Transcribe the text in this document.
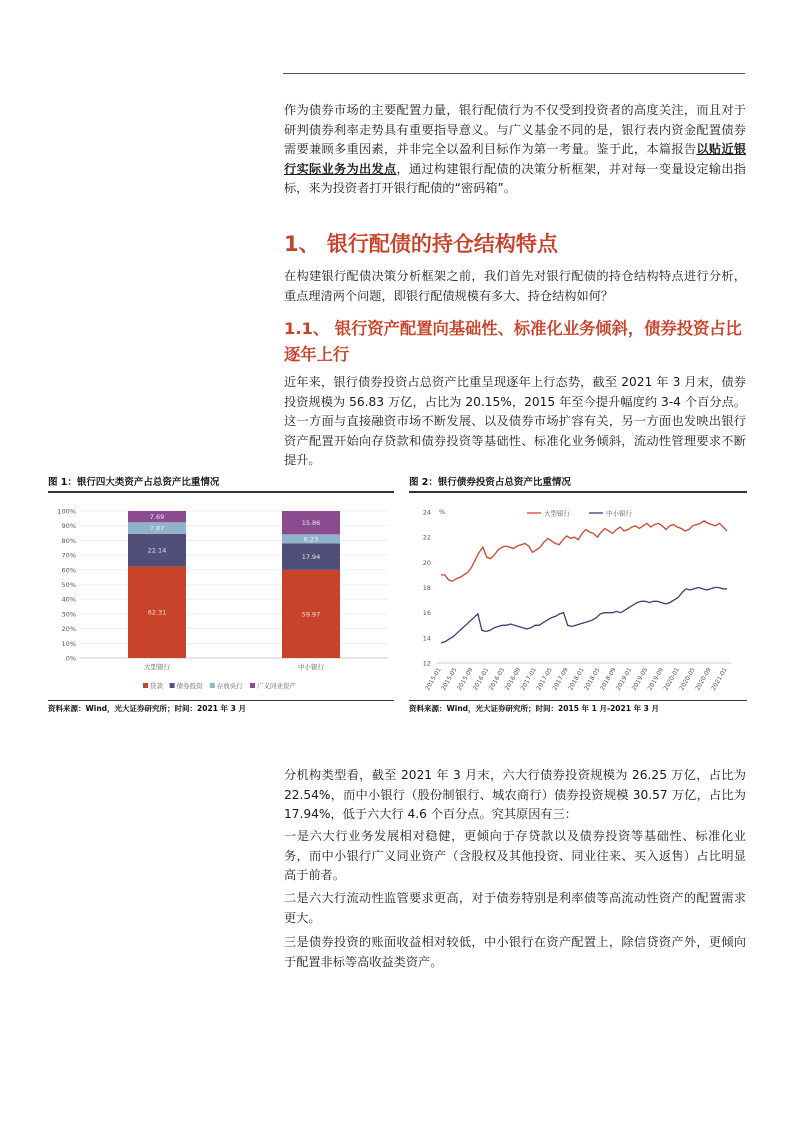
作为债券市场的主要配置力量，银行配债行为不仅受到投资者的高度关注，而且对于研判债券利率走势具有重要指导意义。与广义基金不同的是，银行表内资金配置债券需要兼顾多重因素，并非完全以盈利目标作为第一考量。鉴于此，本篇报告以贴近银行实际业务为出发点，通过构建银行配债的决策分析框架，并对每一变量设定输出指标，来为投资者打开银行配债的“密码箱”。

1、 银行配债的持仓结构特点

在构建银行配债决策分析框架之前，我们首先对银行配债的持仓结构特点进行分析，重点理清两个问题，即银行配债规模有多大、持仓结构如何？

1.1、 银行资产配置向基础性、标准化业务倾斜，债券投资占比逐年上行

近年来，银行债券投资占总资产比重呈现逐年上行态势，截至 2021 年 3 月末，债券投资规模为 56.83 万亿，占比为 20.15%，2015 年至今提升幅度约 3-4 个百分点。这一方面与直接融资市场不断发展、以及债券市场扩容有关，另一方面也发映出银行资产配置开始向存贷款和债券投资等基础性、标准化业务倾斜，流动性管理要求不断提升。

图 1：银行四大类资产占总资产比重情况

0%
10%
20%
30%
40%
50%
60%
70%
80%
90%
100%
62.31
22.14
7.87
7.69
大型银行
59.97
17.94
6.23
15.86
中小银行
贷款 债券投资 存放央行 广义同业资产

资料来源：Wind，光大证券研究所；时间：2021 年 3 月

图 2：银行债券投资占总资产比重情况

12
14
16
18
20
22
24 %
2015-01
2015-05
2015-09
2016-01
2016-05
2016-09
2017-01
2017-05
2017-09
2018-01
2018-05
2018-09
2019-01
2019-05
2019-09
2020-01
2020-05
2020-09
2021-01
大型银行	中小银行

资料来源：Wind，光大证券研究所；时间：2015 年 1 月-2021 年 3 月

分机构类型看，截至 2021 年 3 月末，六大行债券投资规模为 26.25 万亿，占比为 22.54%，而中小银行（股份制银行、城农商行）债券投资规模 30.57 万亿，占比为 17.94%，低于六大行 4.6 个百分点。究其原因有三：

一是六大行业务发展相对稳健，更倾向于存贷款以及债券投资等基础性、标准化业务，而中小银行广义同业资产（含股权及其他投资、同业往来、买入返售）占比明显高于前者。

二是六大行流动性监管要求更高，对于债券特别是利率债等高流动性资产的配置需求更大。

三是债券投资的账面收益相对较低，中小银行在资产配置上，除信贷资产外，更倾向于配置非标等高收益类资产。
